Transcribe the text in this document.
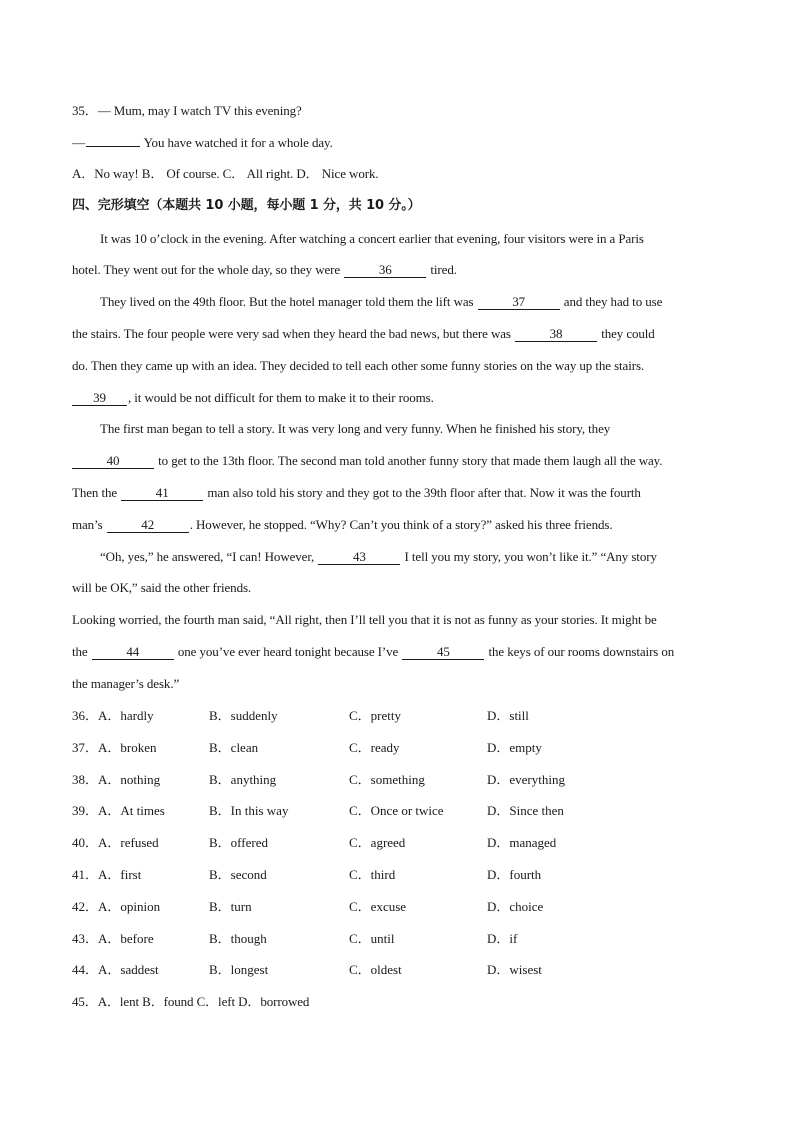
35．— Mum, may I watch TV this evening?
—	You have watched it for a whole day.
A．No way! B． Of course. C． All right. D． Nice work.
四、完形填空（本题共 10 小题，每小题 1 分，共 10 分。）
It was 10 o’clock in the evening. After watching a concert earlier that evening, four visitors were in a Paris
hotel. They went out for the whole day, so they were	36	tired.
They lived on the 49th floor. But the hotel manager told them the lift was	37	and they had to use
the stairs. The four people were very sad when they heard the bad news, but there was	38	they could
do. Then they came up with an idea. They decided to tell each other some funny stories on the way up the stairs.
39 , it would be not difficult for them to make it to their rooms.
The first man began to tell a story. It was very long and very funny. When he finished his story, they
40	to get to the 13th floor. The second man told another funny story that made them laugh all the way.
Then the	41	man also told his story and they got to the 39th floor after that. Now it was the fourth
man’s	42	. However, he stopped. “Why? Can’t you think of a story?” asked his three friends.
“Oh, yes,” he answered, “I can! However,	43	I tell you my story, you won’t like it.” “Any story
will be OK,” said the other friends.
Looking worried, the fourth man said, “All right, then I’ll tell you that it is not as funny as your stories. It might be
the	44	one you’ve ever heard tonight because I’ve	45	the keys of our rooms downstairs on
the manager’s desk.”
36．A．hardly	B．suddenly	C．pretty	D．still
37．A．broken	B．clean	C．ready	D．empty
38．A．nothing	B．anything	C．something	D．everything
39．A．At times	B．In this way	C．Once or twice	D．Since then
40．A．refused	B．offered	C．agreed	D．managed
41．A．first	B．second	C．third	D．fourth
42．A．opinion	B．turn	C．excuse	D．choice
43．A．before	B．though	C．until	D．if
44．A．saddest	B．longest	C．oldest	D．wisest
45．A．lent B．found C．left D．borrowed
